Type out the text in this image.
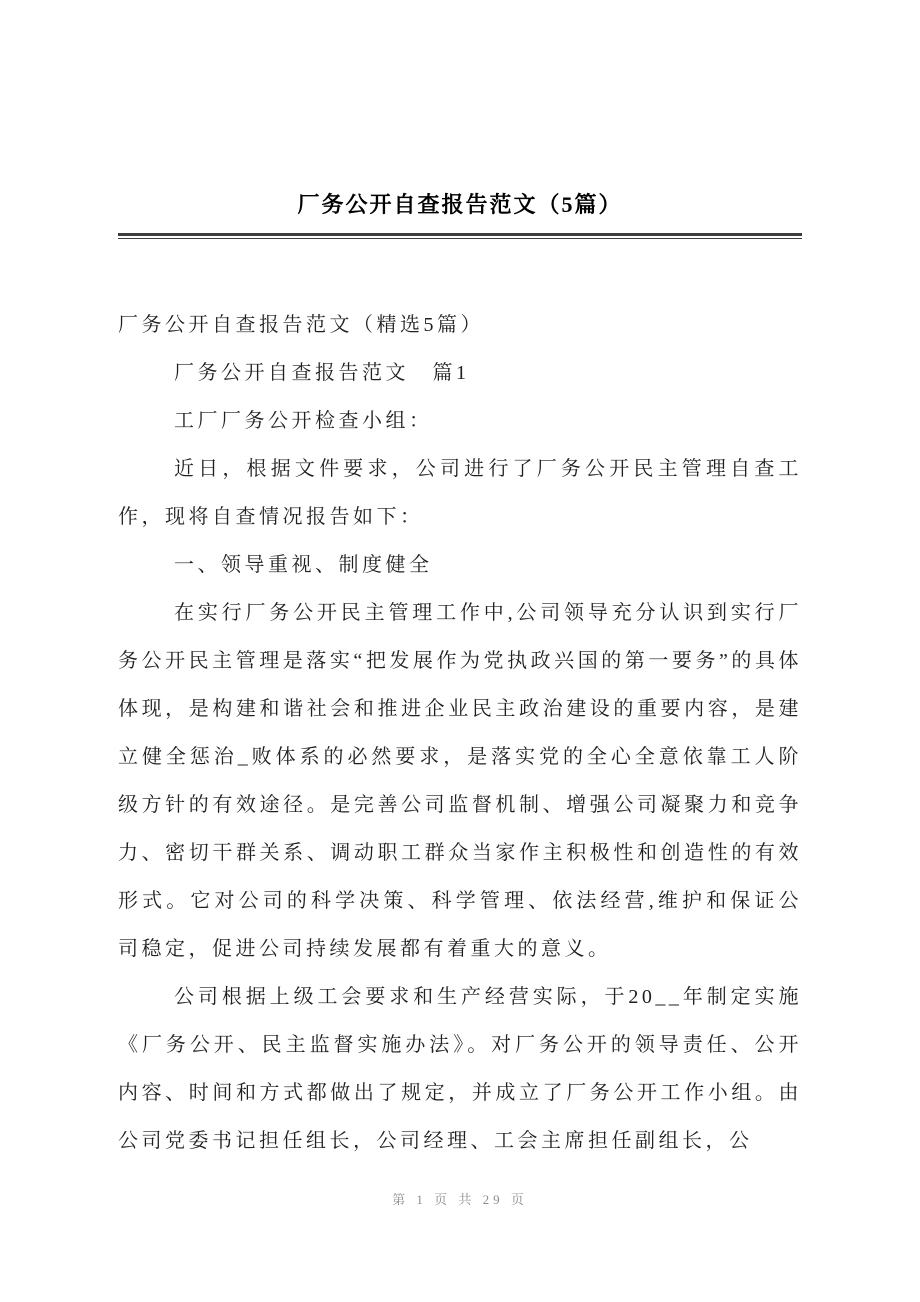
厂务公开自查报告范文（5篇）

厂务公开自查报告范文（精选5篇）

厂务公开自查报告范文　篇1

工厂厂务公开检查小组：

近日，根据文件要求，公司进行了厂务公开民主管理自查工作，现将自查情况报告如下：

一、领导重视、制度健全

在实行厂务公开民主管理工作中,公司领导充分认识到实行厂务公开民主管理是落实“把发展作为党执政兴国的第一要务”的具体体现，是构建和谐社会和推进企业民主政治建设的重要内容，是建立健全惩治_败体系的必然要求，是落实党的全心全意依靠工人阶级方针的有效途径。是完善公司监督机制、增强公司凝聚力和竞争力、密切干群关系、调动职工群众当家作主积极性和创造性的有效形式。它对公司的科学决策、科学管理、依法经营,维护和保证公司稳定，促进公司持续发展都有着重大的意义。

公司根据上级工会要求和生产经营实际，于20__年制定实施《厂务公开、民主监督实施办法》。对厂务公开的领导责任、公开内容、时间和方式都做出了规定，并成立了厂务公开工作小组。由公司党委书记担任组长，公司经理、工会主席担任副组长，公

第 1 页 共 29 页
